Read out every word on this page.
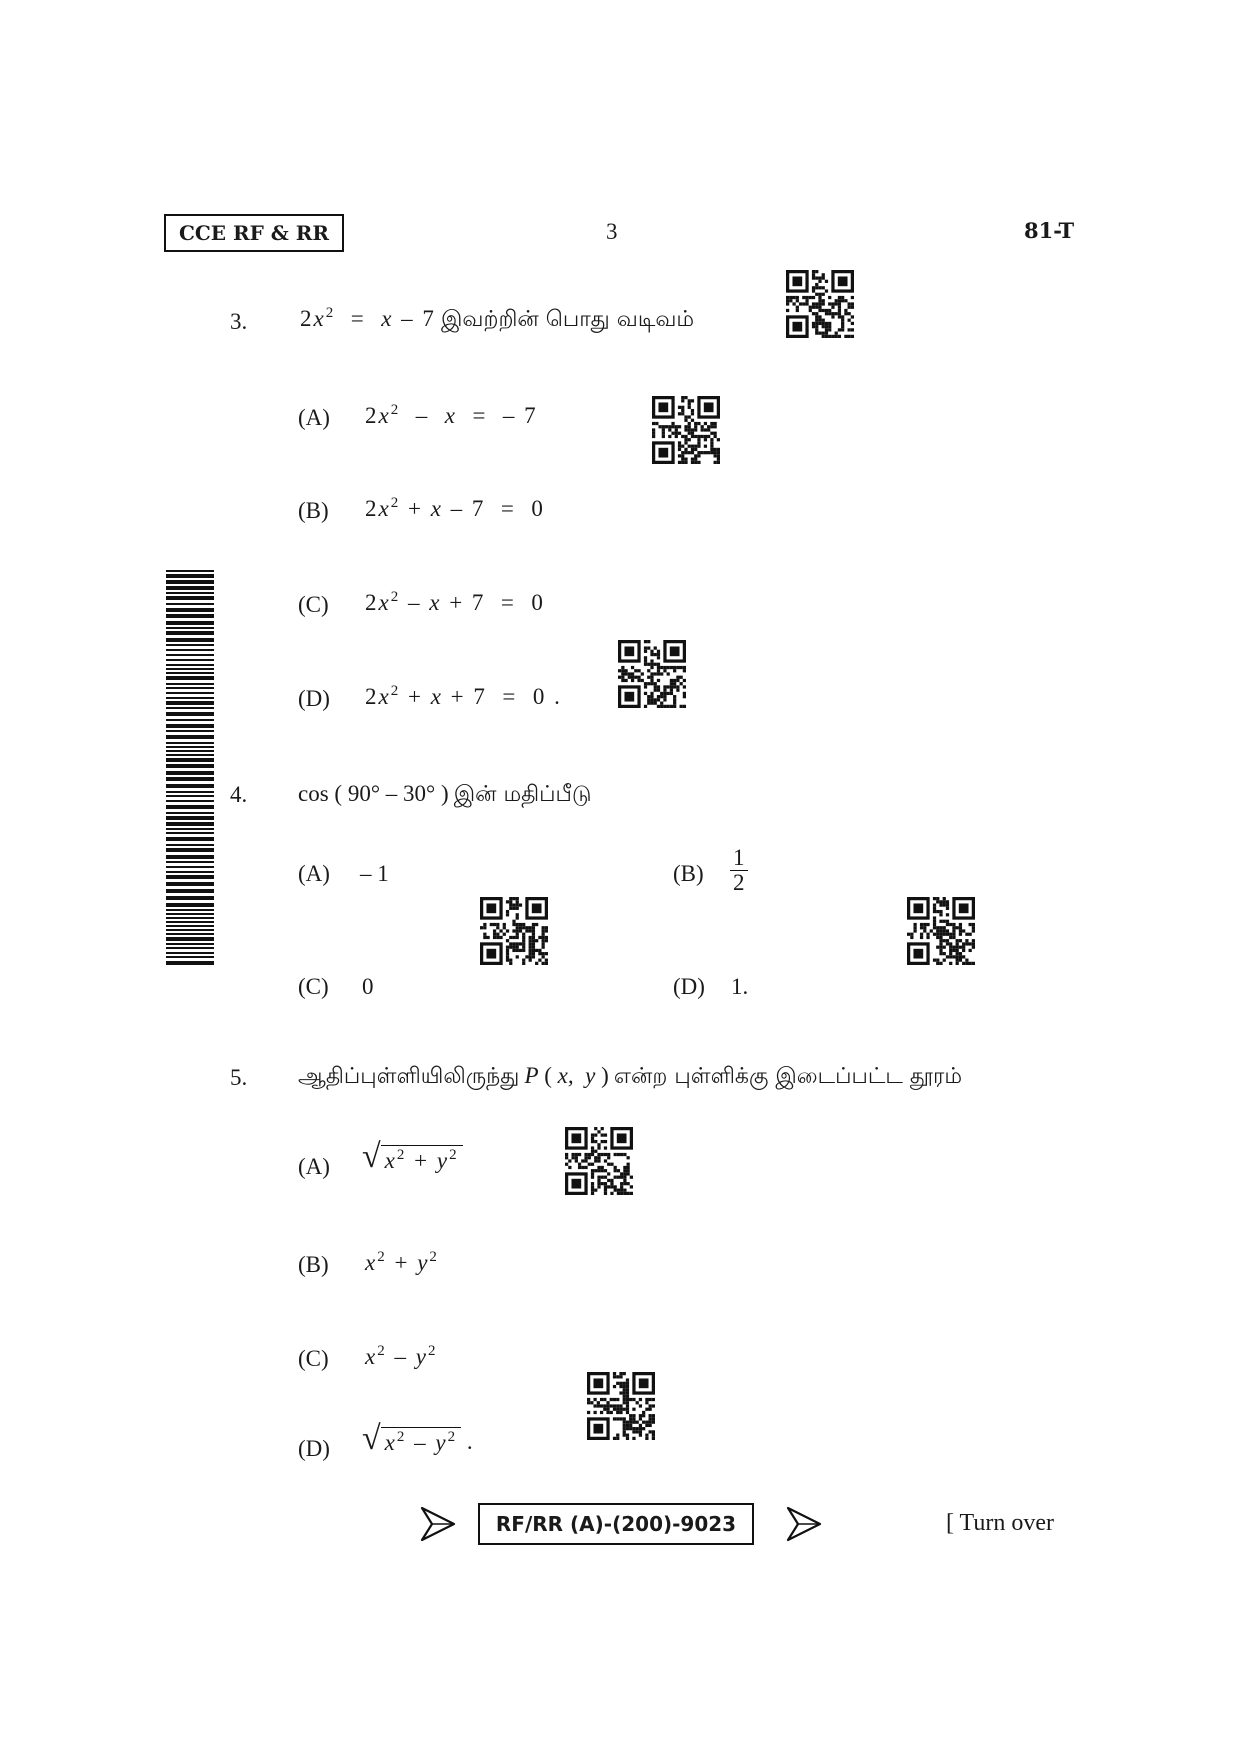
CCE RF & RR	3	81-T
3. $2x^2 = x - 7$ இவற்றின் பொது வடிவம்
(A) $2x^2$  –  x  =  – 7
(B) $2x^2 + x - 7 = 0$
(C) $2x^2 - x + 7 = 0$
(D) $2x^2 + x + 7 = 0$ .
4. cos ( 90° – 30° ) இன் மதிப்பீடு
(A) – 1	$(B) \frac{1}{2}$
(C) 0	(D) 1.
5. ஆதிப்புள்ளியிலிருந்து P ( x, y ) என்ற புள்ளிக்கு இடைப்பட்ட தூரம்
(A) √ $x^2 + y^2$
(B) $x^2 + y^2$
(C) $x^2 - y^2$
(D) √ $x^2 - y^2$ .
RF/RR (A)-(200)-9023	[ Turn over
